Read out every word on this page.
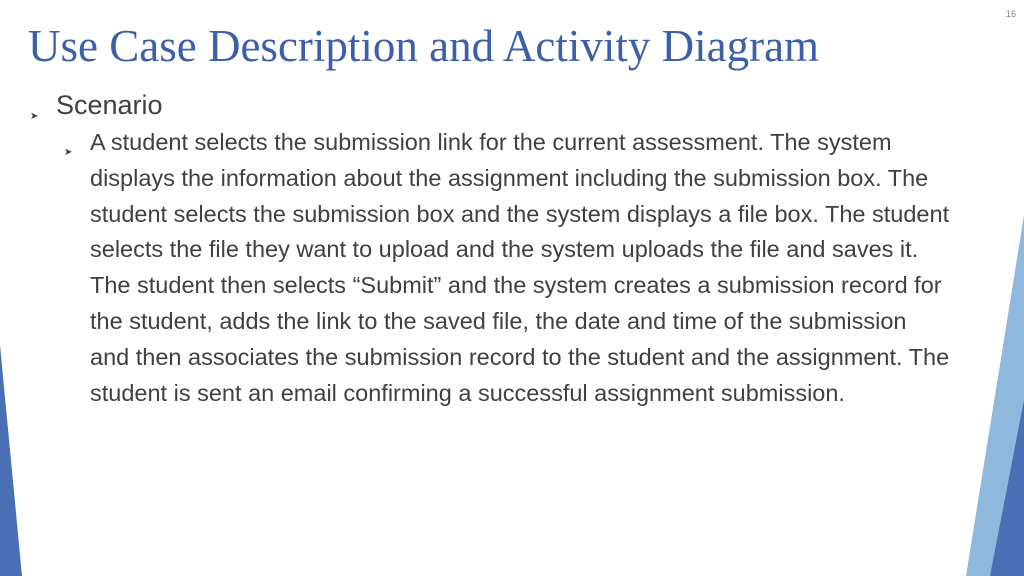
16
Use Case Description and Activity Diagram
➤ Scenario
➤ A student selects the submission link for the current assessment. The system displays the information about the assignment including the submission box. The student selects the submission box and the system displays a file box. The student selects the file they want to upload and the system uploads the file and saves it. The student then selects “Submit” and the system creates a submission record for the student, adds the link to the saved file, the date and time of the submission and then associates the submission record to the student and the assignment. The student is sent an email confirming a successful assignment submission.
